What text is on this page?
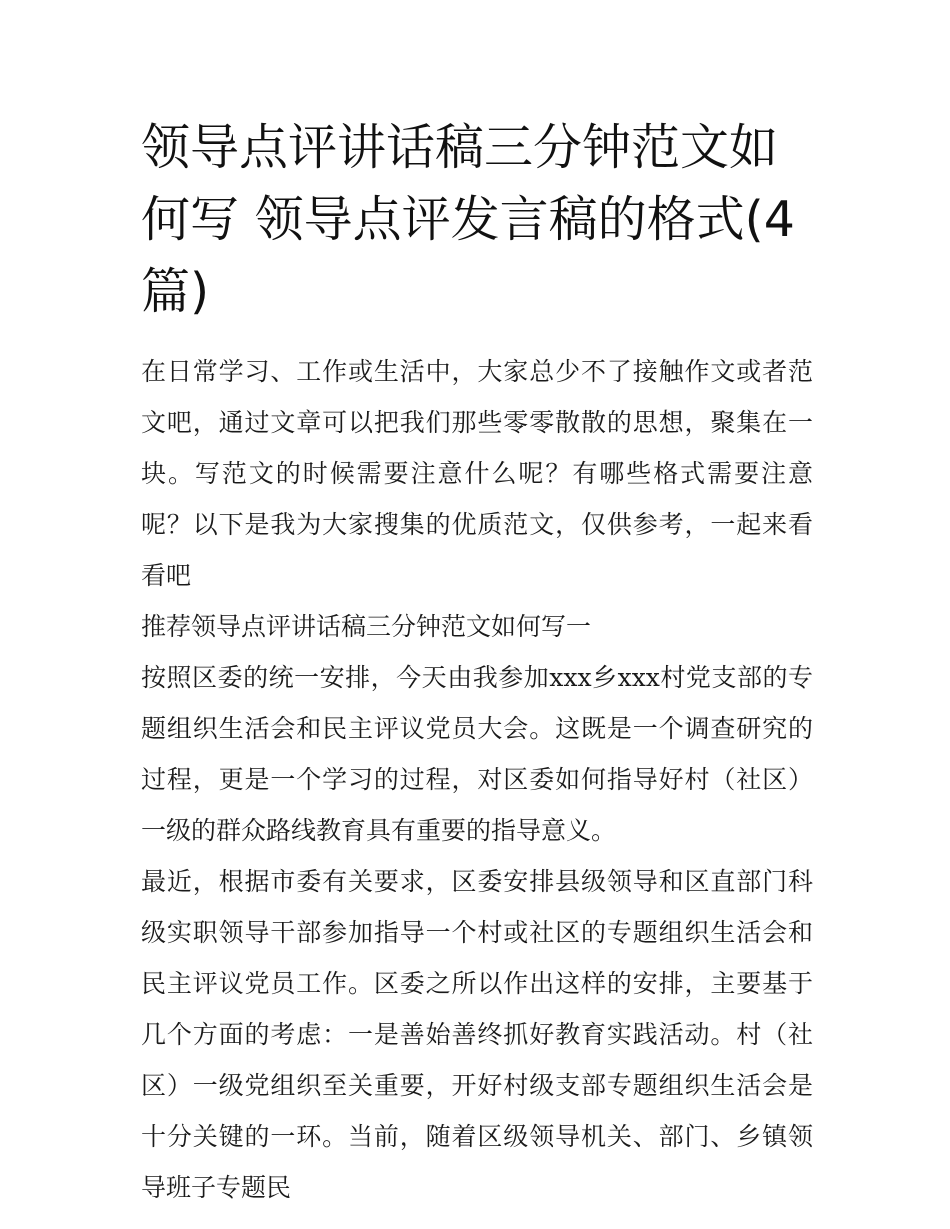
领导点评讲话稿三分钟范文如何写 领导点评发言稿的格式(4篇)

在日常学习、工作或生活中，大家总少不了接触作文或者范文吧，通过文章可以把我们那些零零散散的思想，聚集在一块。写范文的时候需要注意什么呢？有哪些格式需要注意呢？以下是我为大家搜集的优质范文，仅供参考，一起来看看吧

推荐领导点评讲话稿三分钟范文如何写一

按照区委的统一安排，今天由我参加xxx乡xxx村党支部的专题组织生活会和民主评议党员大会。这既是一个调查研究的过程，更是一个学习的过程，对区委如何指导好村（社区）一级的群众路线教育具有重要的指导意义。

最近，根据市委有关要求，区委安排县级领导和区直部门科级实职领导干部参加指导一个村或社区的专题组织生活会和民主评议党员工作。区委之所以作出这样的安排，主要基于几个方面的考虑：一是善始善终抓好教育实践活动。村（社区）一级党组织至关重要，开好村级支部专题组织生活会是十分关键的一环。当前，随着区级领导机关、部门、乡镇领导班子专题民
